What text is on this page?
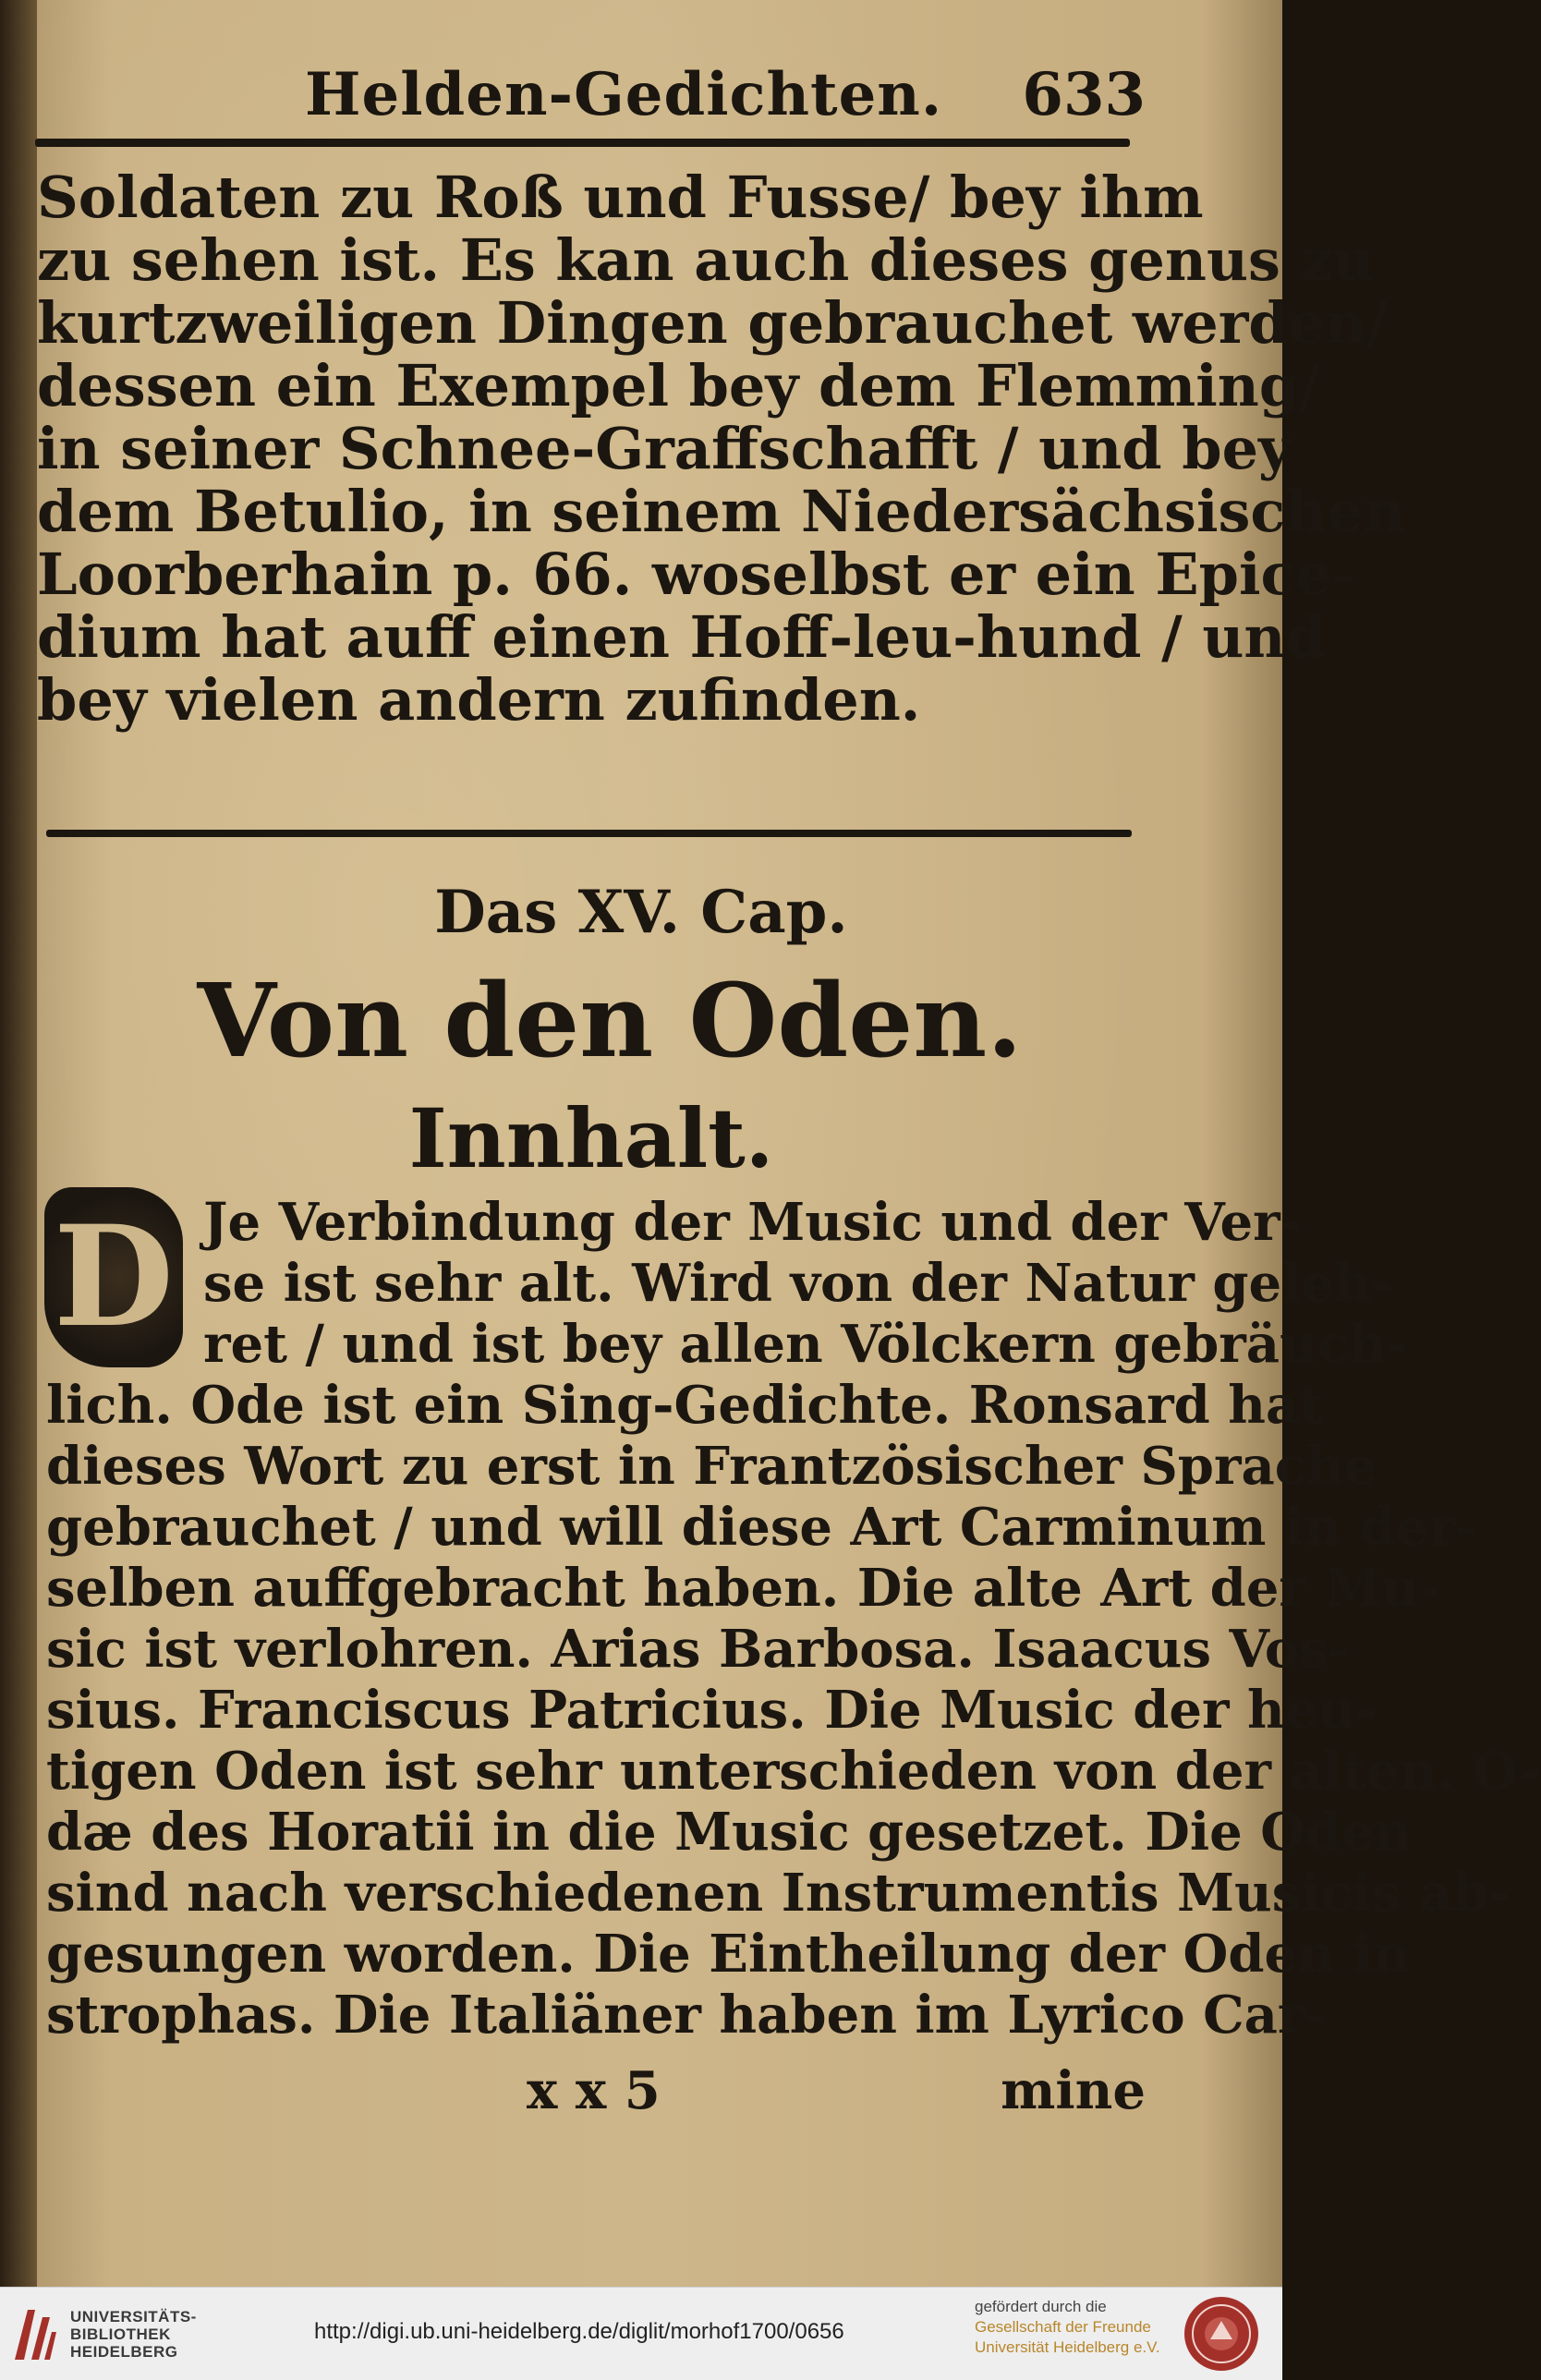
Helden-Gedichten. 633
Soldaten zu Roß und Fusse/ bey ihm
zu sehen ist. Es kan auch dieses genus zu
kurtzweiligen Dingen gebrauchet werden/
dessen ein Exempel bey dem Flemming/
in seiner Schnee-Graffschafft / und bey
dem Betulio, in seinem Niedersächsischen
Loorberhain p. 66. woselbst er ein Epice-
dium hat auff einen Hoff-leu-hund / und
bey vielen andern zufinden.
Das XV. Cap.
Von den Oden.
Innhalt.
D Je Verbindung der Music und der Ver-
se ist sehr alt. Wird von der Natur geleh-
ret / und ist bey allen Völckern gebräuch-
lich. Ode ist ein Sing-Gedichte. Ronsard hat
dieses Wort zu erst in Frantzösischer Sprache
gebrauchet / und will diese Art Carminum in der-
selben auffgebracht haben. Die alte Art der Mu-
sic ist verlohren. Arias Barbosa. Isaacus Vos-
sius. Franciscus Patricius. Die Music der heu-
tigen Oden ist sehr unterschieden von der alten. O-
dæ des Horatii in die Music gesetzet. Die Oden
sind nach verschiedenen Instrumentis Musicis ab-
gesungen worden. Die Eintheilung der Oden in
strophas. Die Italiäner haben im Lyrico Car-
x x 5	mine
UNIVERSITÄTS-
BIBLIOTHEK
HEIDELBERG
http://digi.ub.uni-heidelberg.de/diglit/morhof1700/0656
gefördert durch die
Gesellschaft der Freunde
Universität Heidelberg e.V.
